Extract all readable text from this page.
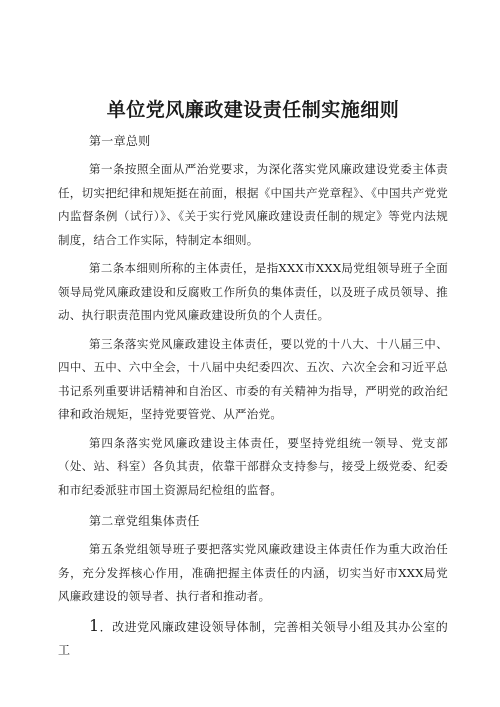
单位党风廉政建设责任制实施细则

第一章总则

第一条按照全面从严治党要求，为深化落实党风廉政建设党委主体责任，切实把纪律和规矩挺在前面，根据《中国共产党章程》、《中国共产党党内监督条例（试行）》、《关于实行党风廉政建设责任制的规定》等党内法规制度，结合工作实际，特制定本细则。

第二条本细则所称的主体责任，是指XXX市XXX局党组领导班子全面领导局党风廉政建设和反腐败工作所负的集体责任，以及班子成员领导、推动、执行职责范围内党风廉政建设所负的个人责任。

第三条落实党风廉政建设主体责任，要以党的十八大、十八届三中、四中、五中、六中全会，十八届中央纪委四次、五次、六次全会和习近平总书记系列重要讲话精神和自治区、市委的有关精神为指导，严明党的政治纪律和政治规矩，坚持党要管党、从严治党。

第四条落实党风廉政建设主体责任，要坚持党组统一领导、党支部（处、站、科室）各负其责，依靠干部群众支持参与，接受上级党委、纪委和市纪委派驻市国土资源局纪检组的监督。

第二章党组集体责任

第五条党组领导班子要把落实党风廉政建设主体责任作为重大政治任务，充分发挥核心作用，准确把握主体责任的内涵，切实当好市XXX局党风廉政建设的领导者、执行者和推动者。

1．改进党风廉政建设领导体制，完善相关领导小组及其办公室的工
